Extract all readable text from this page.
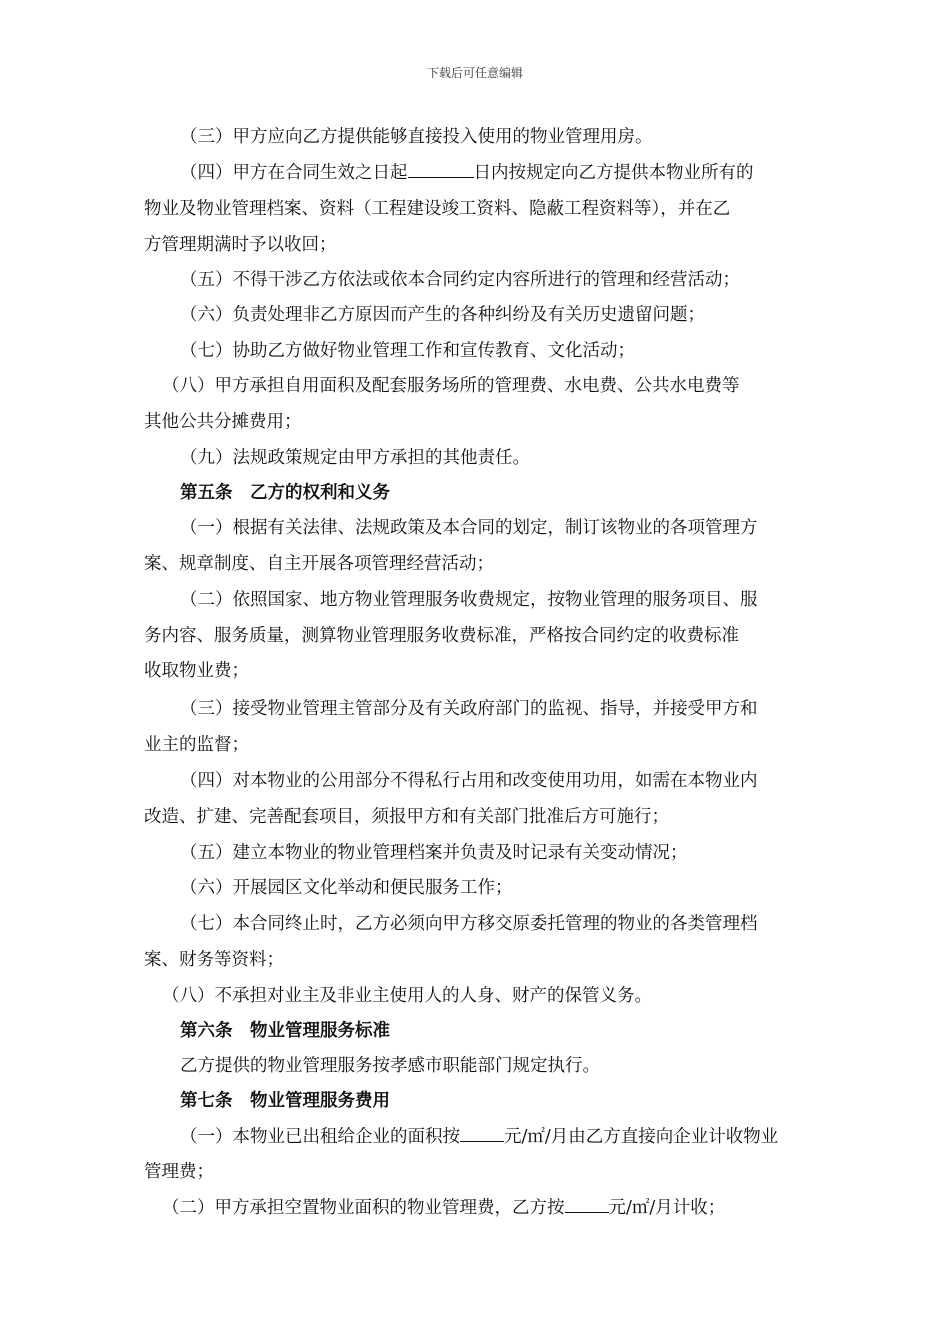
下载后可任意编辑
（三）甲方应向乙方提供能够直接投入使用的物业管理用房。
（四）甲方在合同生效之日起	日内按规定向乙方提供本物业所有的
物业及物业管理档案、资料（工程建设竣工资料、隐蔽工程资料等），并在乙
方管理期满时予以收回；
（五）不得干涉乙方依法或依本合同约定内容所进行的管理和经营活动；
（六）负责处理非乙方原因而产生的各种纠纷及有关历史遗留问题；
（七）协助乙方做好物业管理工作和宣传教育、文化活动；
（八）甲方承担自用面积及配套服务场所的管理费、水电费、公共水电费等
其他公共分摊费用；
（九）法规政策规定由甲方承担的其他责任。
第五条　乙方的权利和义务
（一）根据有关法律、法规政策及本合同的划定，制订该物业的各项管理方
案、规章制度、自主开展各项管理经营活动；
（二）依照国家、地方物业管理服务收费规定，按物业管理的服务项目、服
务内容、服务质量，测算物业管理服务收费标准，严格按合同约定的收费标准
收取物业费；
（三）接受物业管理主管部分及有关政府部门的监视、指导，并接受甲方和
业主的监督；
（四）对本物业的公用部分不得私行占用和改变使用功用，如需在本物业内
改造、扩建、完善配套项目，须报甲方和有关部门批准后方可施行；
（五）建立本物业的物业管理档案并负责及时记录有关变动情况；
（六）开展园区文化举动和便民服务工作；
（七）本合同终止时，乙方必须向甲方移交原委托管理的物业的各类管理档
案、财务等资料；
（八）不承担对业主及非业主使用人的人身、财产的保管义务。
第六条　物业管理服务标准
乙方提供的物业管理服务按孝感市职能部门规定执行。
第七条　物业管理服务费用
（一）本物业已出租给企业的面积按	元/㎡/月由乙方直接向企业计收物业
管理费；
（二）甲方承担空置物业面积的物业管理费，乙方按	元/㎡/月计收；
